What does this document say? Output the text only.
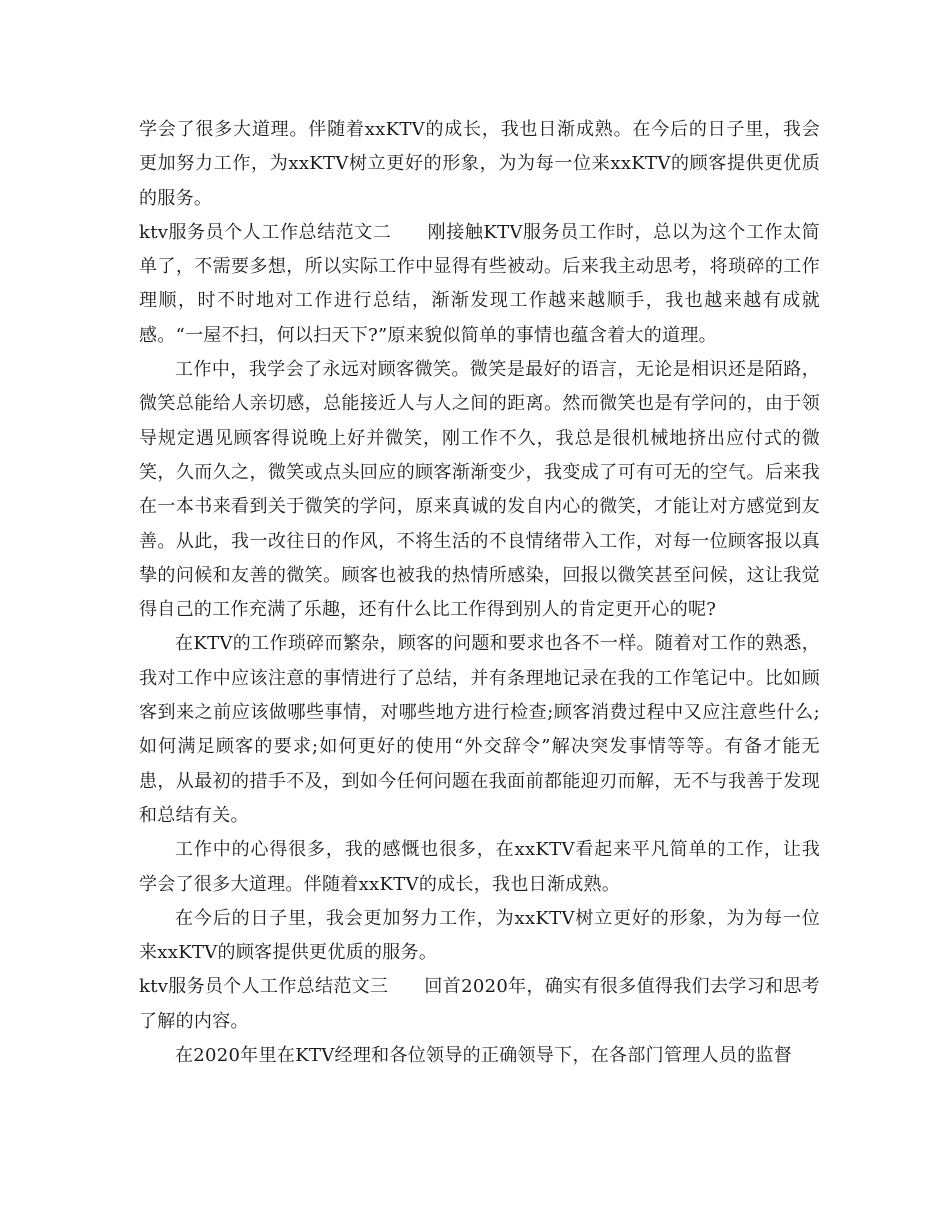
学会了很多大道理。伴随着xxKTV的成长，我也日渐成熟。在今后的日子里，我会更加努力工作，为xxKTV树立更好的形象，为为每一位来xxKTV的顾客提供更优质的服务。

ktv服务员个人工作总结范文二 刚接触KTV服务员工作时，总以为这个工作太简单了，不需要多想，所以实际工作中显得有些被动。后来我主动思考，将琐碎的工作理顺，时不时地对工作进行总结，渐渐发现工作越来越顺手，我也越来越有成就感。“一屋不扫，何以扫天下?”原来貌似简单的事情也蕴含着大的道理。

工作中，我学会了永远对顾客微笑。微笑是最好的语言，无论是相识还是陌路，微笑总能给人亲切感，总能接近人与人之间的距离。然而微笑也是有学问的，由于领导规定遇见顾客得说晚上好并微笑，刚工作不久，我总是很机械地挤出应付式的微笑，久而久之，微笑或点头回应的顾客渐渐变少，我变成了可有可无的空气。后来我在一本书来看到关于微笑的学问，原来真诚的发自内心的微笑，才能让对方感觉到友善。从此，我一改往日的作风，不将生活的不良情绪带入工作，对每一位顾客报以真挚的问候和友善的微笑。顾客也被我的热情所感染，回报以微笑甚至问候，这让我觉得自己的工作充满了乐趣，还有什么比工作得到别人的肯定更开心的呢?

在KTV的工作琐碎而繁杂，顾客的问题和要求也各不一样。随着对工作的熟悉，我对工作中应该注意的事情进行了总结，并有条理地记录在我的工作笔记中。比如顾客到来之前应该做哪些事情，对哪些地方进行检查;顾客消费过程中又应注意些什么;如何满足顾客的要求;如何更好的使用“外交辞令”解决突发事情等等。有备才能无患，从最初的措手不及，到如今任何问题在我面前都能迎刃而解，无不与我善于发现和总结有关。

工作中的心得很多，我的感慨也很多，在xxKTV看起来平凡简单的工作，让我学会了很多大道理。伴随着xxKTV的成长，我也日渐成熟。

在今后的日子里，我会更加努力工作，为xxKTV树立更好的形象，为为每一位来xxKTV的顾客提供更优质的服务。

ktv服务员个人工作总结范文三 回首2020年，确实有很多值得我们去学习和思考了解的内容。

在2020年里在KTV经理和各位领导的正确领导下，在各部门管理人员的监督
